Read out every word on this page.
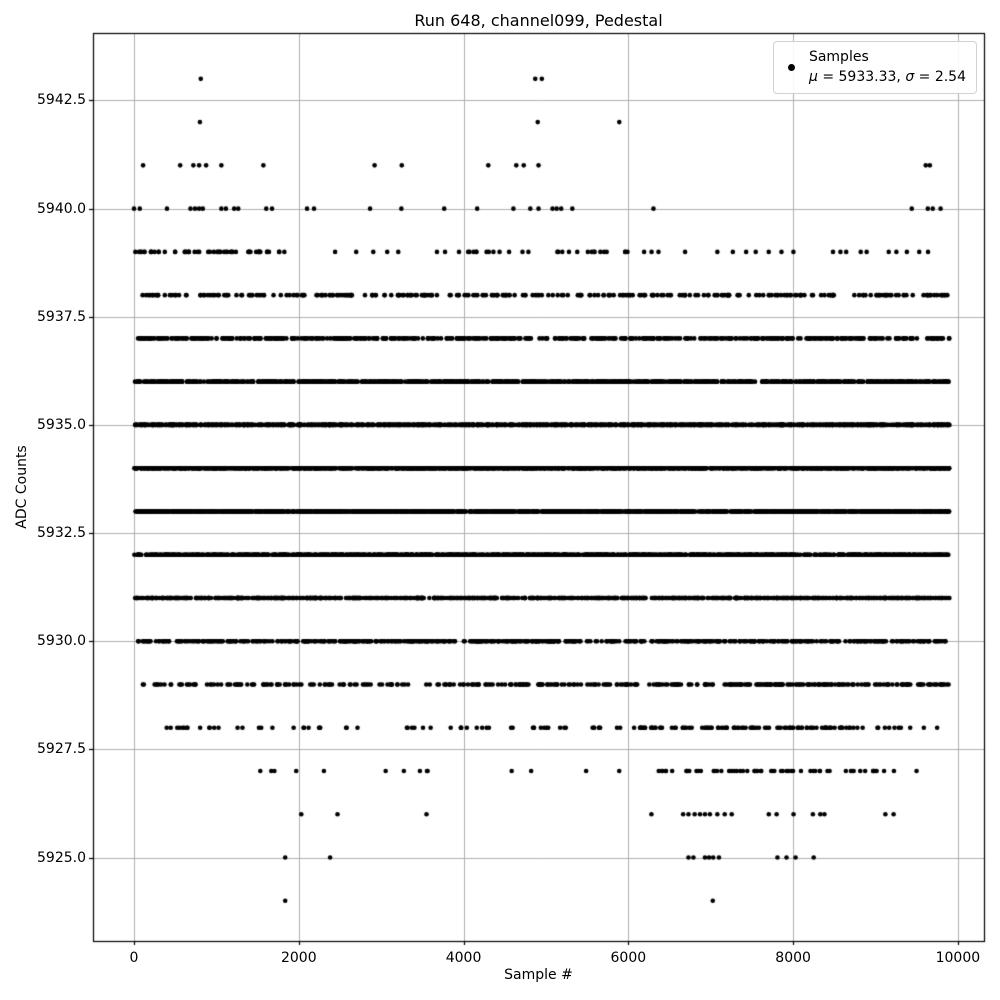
Run 648, channel099, Pedestal
Sample #
ADC Counts
0	2000	4000	6000	8000	10000
5925.0
5927.5
5930.0
5932.5
5935.0
5937.5
5940.0
5942.5
Samples
μ = 5933.33, σ = 2.54
